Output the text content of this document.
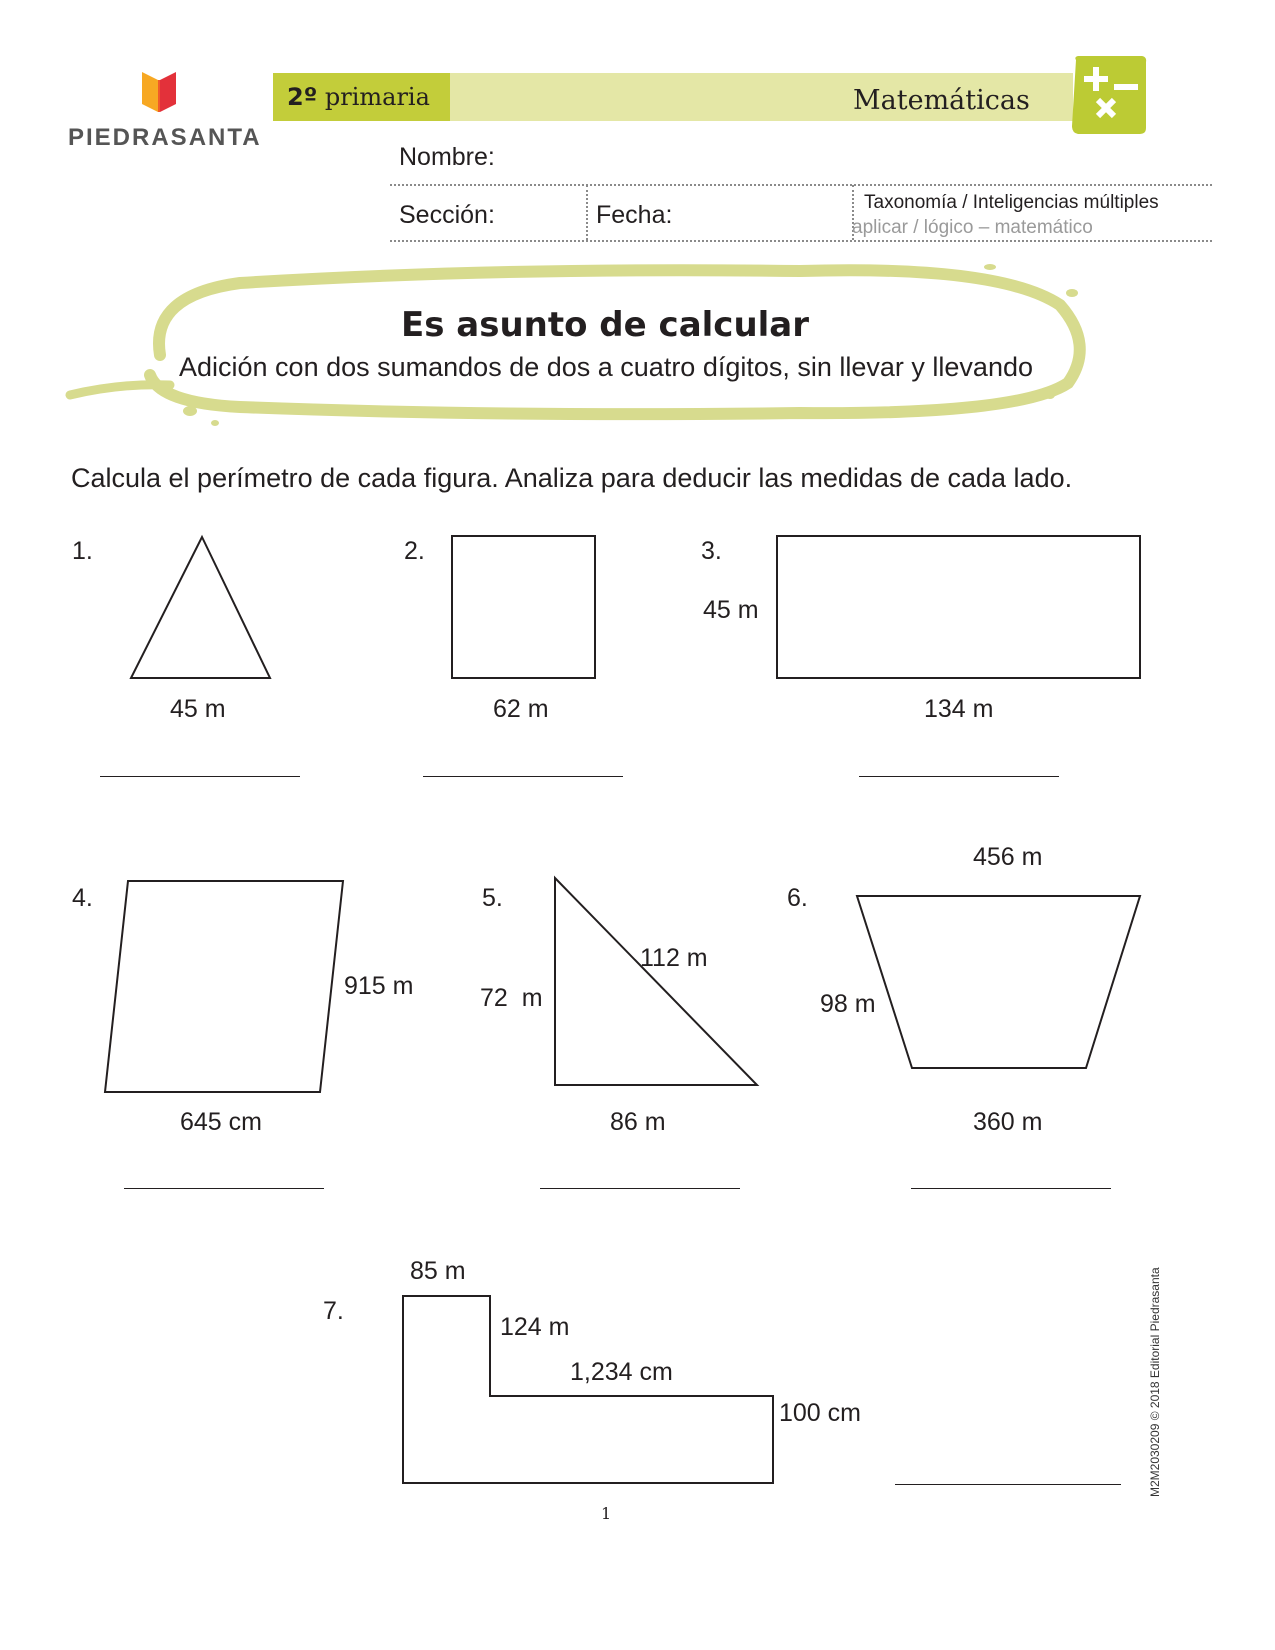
PIEDRASANTA
2º primaria	Matemáticas
Nombre:
Sección:	Fecha:	Taxonomía / Inteligencias múltiples
aplicar / lógico – matemático
Es asunto de calcular
Adición con dos sumandos de dos a cuatro dígitos, sin llevar y llevando
Calcula el perímetro de cada figura. Analiza para deducir las medidas de cada lado.
1.
45 m
2.
62 m
3.
45 m
134 m
4.
915 m
645 cm
5.
112 m
72  m
86 m
456 m
6.
98 m
360 m
85 m
7.
124 m
1,234 cm
100 cm
1
M2M2030209 © 2018 Editorial Piedrasanta
